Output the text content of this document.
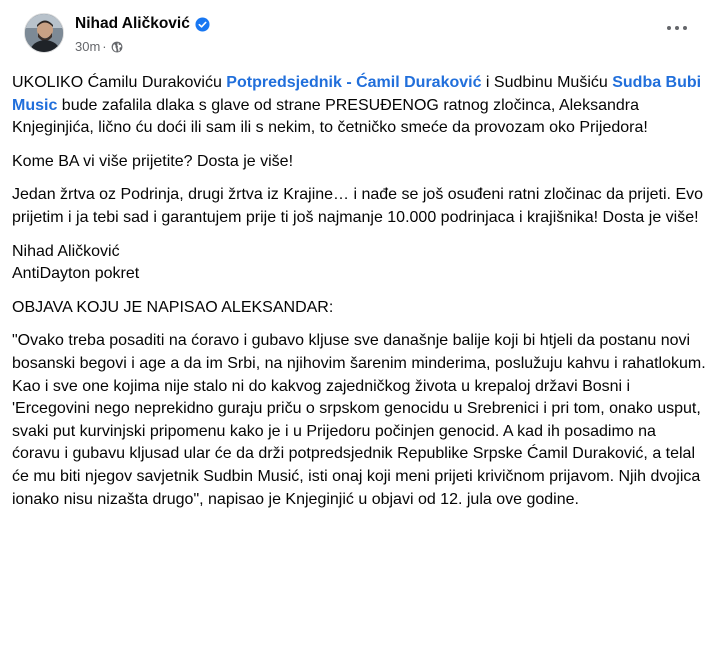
Nihad Aličković
30m ·

UKOLIKO Ćamilu Durakoviću Potpredsjednik - Ćamil Duraković i Sudbinu Mušiću Sudba Bubi Music bude zafalila dlaka s glave od strane PRESUĐENOG ratnog zločinca, Aleksandra Knjeginjića, lično ću doći ili sam ili s nekim, to četničko smeće da provozam oko Prijedora!

Kome BA vi više prijetite? Dosta je više!

Jedan žrtva oz Podrinja, drugi žrtva iz Krajine… i nađe se još osuđeni ratni zločinac da prijeti. Evo prijetim i ja tebi sad i garantujem prije ti još najmanje 10.000 podrinjaca i krajišnika! Dosta je više!

Nihad Aličković
AntiDayton pokret

OBJAVA KOJU JE NAPISAO ALEKSANDAR:

"Ovako treba posaditi na ćoravo i gubavo kljuse sve današnje balije koji bi htjeli da postanu novi bosanski begovi i age a da im Srbi, na njihovim šarenim minderima, poslužuju kahvu i rahatlokum. Kao i sve one kojima nije stalo ni do kakvog zajedničkog života u krepaloj državi Bosni i 'Ercegovini nego neprekidno guraju priču o srpskom genocidu u Srebrenici i pri tom, onako usput, svaki put kurvinjski pripomenu kako je i u Prijedoru počinjen genocid. A kad ih posadimo na ćoravu i gubavu kljusad ular će da drži potpredsjednik Republike Srpske Ćamil Duraković, a telal će mu biti njegov savjetnik Sudbin Musić, isti onaj koji meni prijeti krivičnom prijavom. Njih dvojica ionako nisu nizašta drugo", napisao je Knjeginjić u objavi od 12. jula ove godine.
